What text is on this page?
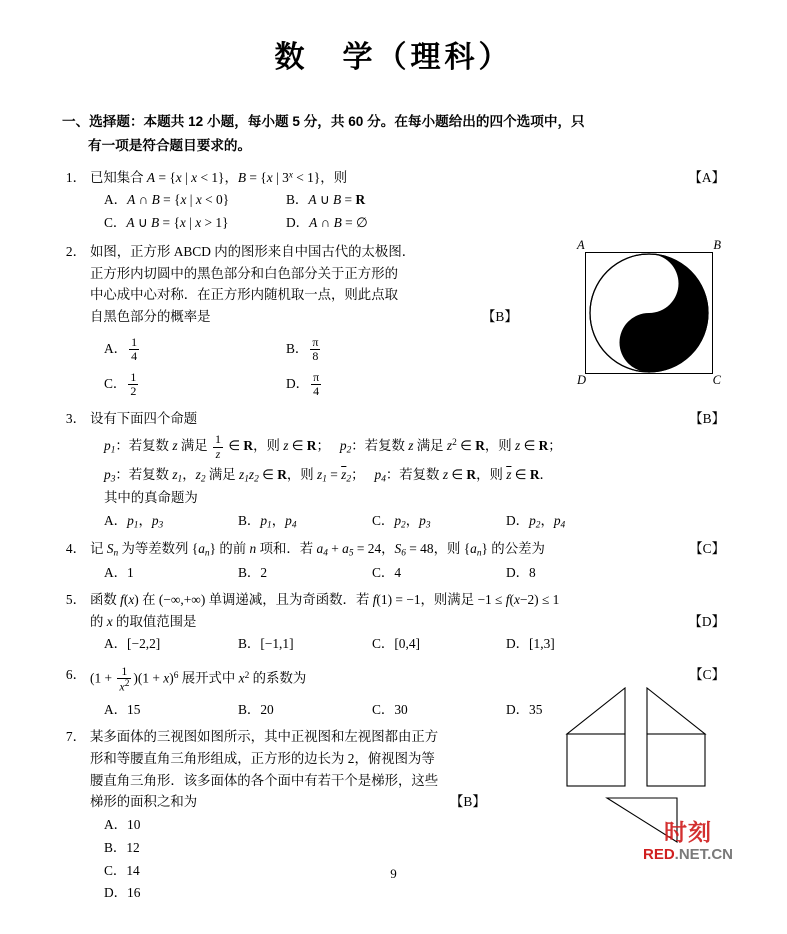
数　学（理科）
一、选择题：本题共 12 小题，每小题 5 分，共 60 分。在每小题给出的四个选项中，只
有一项是符合题目要求的。
1．	【A】
已知集合 A = {x | x < 1}，B = {x | $3^x < 1$}，则
A．A ∩ B = {x | x < 0}	B．A ∪ B = R
C．A ∪ B = {x | x > 1}	D．A ∩ B = ∅
2． 如图，正方形 ABCD 内的图形来自中国古代的太极图．
正方形内切圆中的黑色部分和白色部分关于正方形的
中心成中心对称．在正方形内随机取一点，则此点取
自黑色部分的概率是	【B】
A． $\frac{1}{4}$	B． $\frac{\pi}{8}$
C． $\frac{1}{2}$	D． $\frac{\pi}{4}$
3．	【B】
设有下面四个命题
$p_1$：若复数 z 满足 $\frac{1}{z}$ ∈ R，则 z ∈ R；   $p_2$：若复数 z 满足 $z^2$ ∈ R，则 z ∈ R；
$p_3$：若复数 $z_1$，$z_2$ 满足 $z_1z_2$ ∈ R，则 $z_1 = \overline{z}_2$；   $p_4$：若复数 z ∈ R，则 $\overline{z}$ ∈ R．
其中的真命题为
A．$p_1$，$p_3$	B．$p_1$，$p_4$	C．$p_2$，$p_3$	D．$p_2$，$p_4$
4．	【C】
记 $S_n$ 为等差数列 $\{a_n\}$ 的前 n 项和．若 $a_4 + a_5 = 24$，$S_6 = 48$，则 $\{a_n\}$ 的公差为
A．1	B．2	C．4	D．8
5． 函数 f(x) 在 (−∞,+∞) 单调递减，且为奇函数．若 f(1) = −1，则满足 −1 ≤ f(x−2) ≤ 1
【D】
的 x 的取值范围是
A．[−2,2]	B．[−1,1]	C．[0,4]	D．[1,3]
6．	【C】
$(1 + \frac{1}{x^2} )(1 + x)^6$ 展开式中 $x^2$ 的系数为
A．15	B．20	C．30	D．35
7． 某多面体的三视图如图所示，其中正视图和左视图都由正方
形和等腰直角三角形组成，正方形的边长为 2，俯视图为等
腰直角三角形．该多面体的各个面中有若干个是梯形，这些
梯形的面积之和为	【B】
A．10
B．12
C．14
D．16
A	B
C
D
时刻
RED.NET.CN
9
